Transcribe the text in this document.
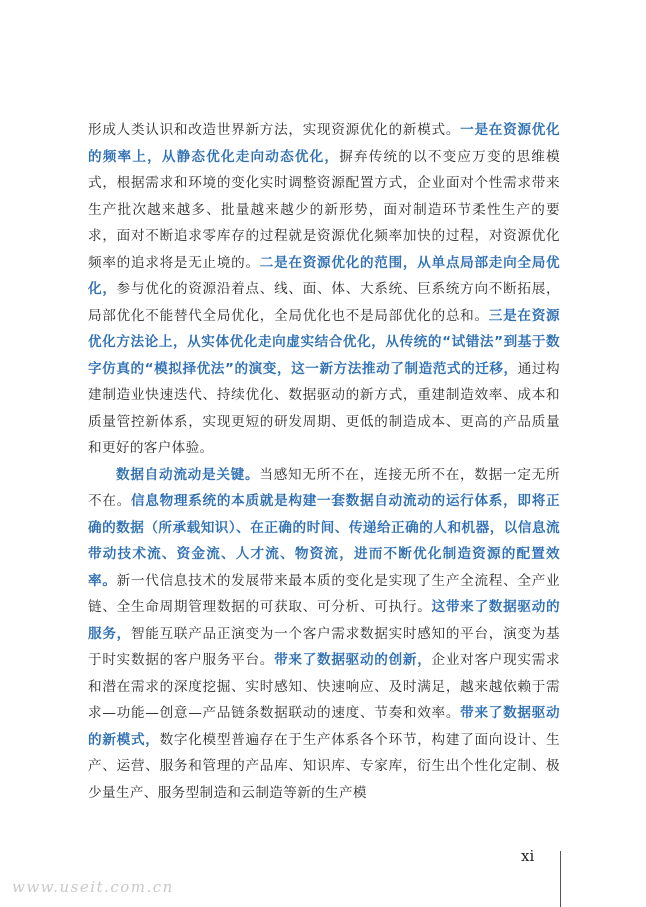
形成人类认识和改造世界新方法，实现资源优化的新模式。一是在资源优化的频率上，从静态优化走向动态优化，摒弃传统的以不变应万变的思维模式，根据需求和环境的变化实时调整资源配置方式，企业面对个性需求带来生产批次越来越多、批量越来越少的新形势，面对制造环节柔性生产的要求，面对不断追求零库存的过程就是资源优化频率加快的过程，对资源优化频率的追求将是无止境的。二是在资源优化的范围，从单点局部走向全局优化，参与优化的资源沿着点、线、面、体、大系统、巨系统方向不断拓展，局部优化不能替代全局优化，全局优化也不是局部优化的总和。三是在资源优化方法论上，从实体优化走向虚实结合优化，从传统的“试错法”到基于数字仿真的“模拟择优法”的演变，这一新方法推动了制造范式的迁移，通过构建制造业快速迭代、持续优化、数据驱动的新方式，重建制造效率、成本和质量管控新体系，实现更短的研发周期、更低的制造成本、更高的产品质量和更好的客户体验。

数据自动流动是关键。当感知无所不在，连接无所不在，数据一定无所不在。信息物理系统的本质就是构建一套数据自动流动的运行体系，即将正确的数据（所承载知识）、在正确的时间、传递给正确的人和机器，以信息流带动技术流、资金流、人才流、物资流，进而不断优化制造资源的配置效率。新一代信息技术的发展带来最本质的变化是实现了生产全流程、全产业链、全生命周期管理数据的可获取、可分析、可执行。这带来了数据驱动的服务，智能互联产品正演变为一个客户需求数据实时感知的平台，演变为基于时实数据的客户服务平台。带来了数据驱动的创新，企业对客户现实需求和潜在需求的深度挖掘、实时感知、快速响应、及时满足，越来越依赖于需求—功能—创意—产品链条数据联动的速度、节奏和效率。带来了数据驱动的新模式，数字化模型普遍存在于生产体系各个环节，构建了面向设计、生产、运营、服务和管理的产品库、知识库、专家库，衍生出个性化定制、极少量生产、服务型制造和云制造等新的生产模

xi
www.useit.com.cn
